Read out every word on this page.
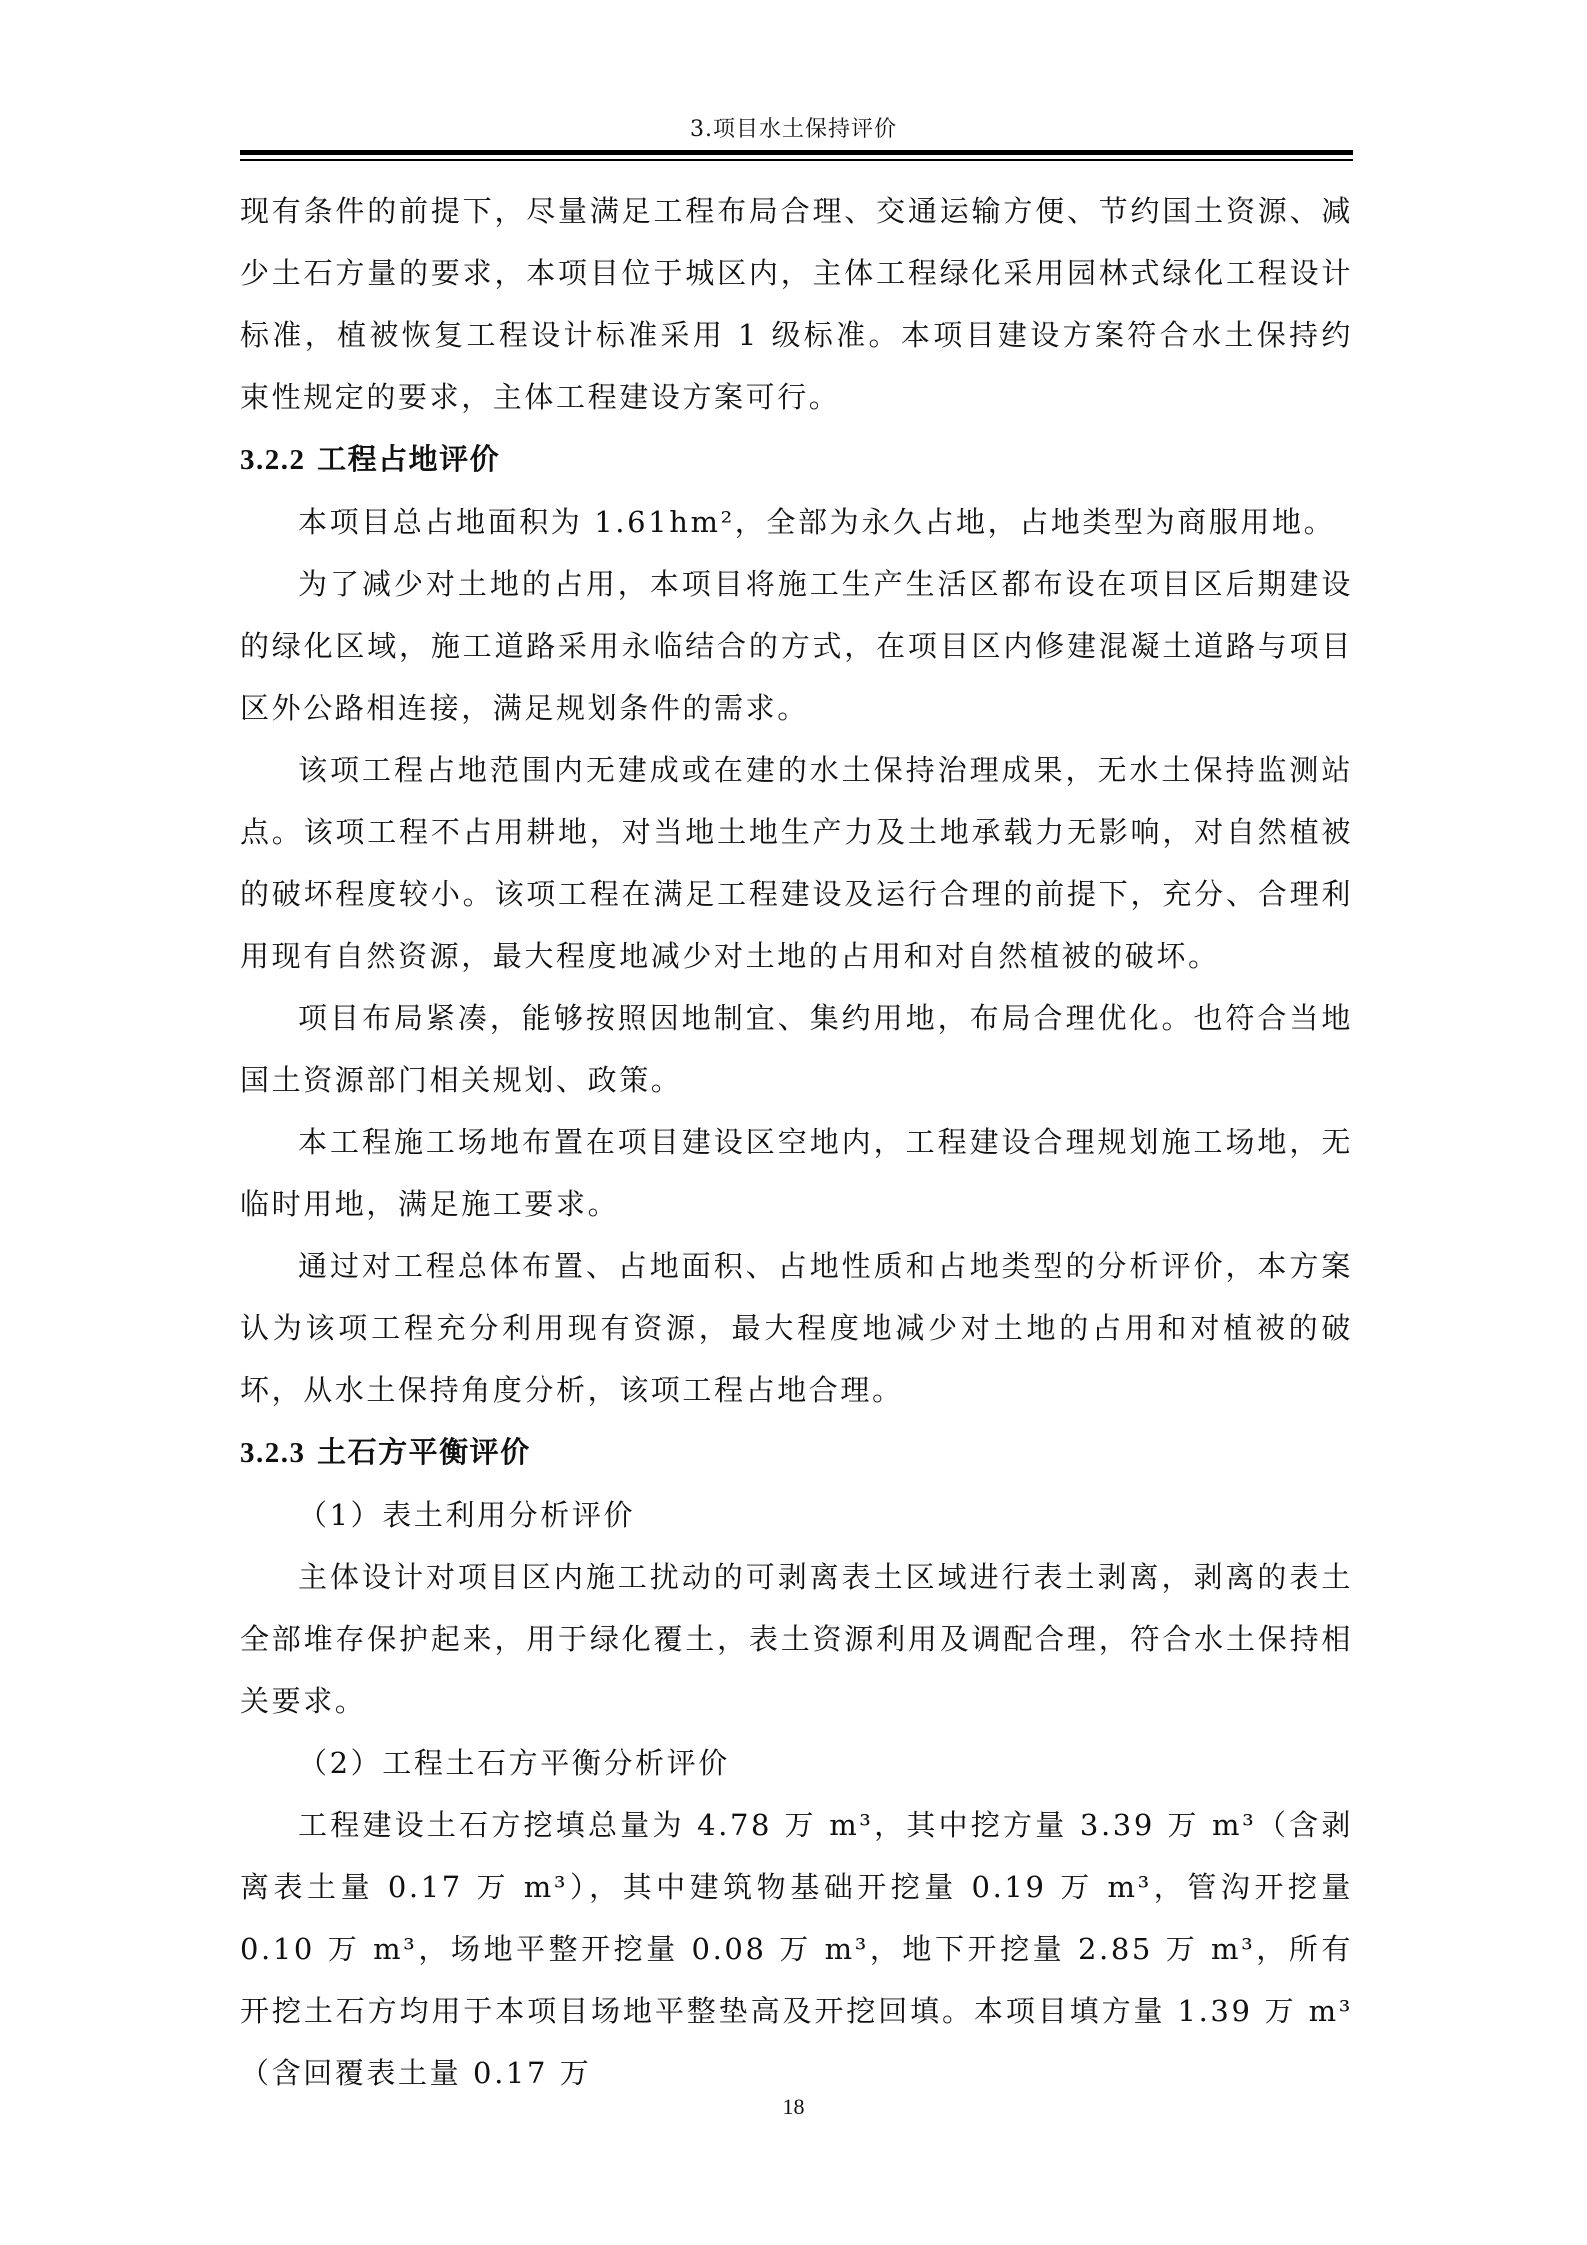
3.项目水土保持评价

现有条件的前提下，尽量满足工程布局合理、交通运输方便、节约国土资源、减少土石方量的要求，本项目位于城区内，主体工程绿化采用园林式绿化工程设计标准，植被恢复工程设计标准采用 1 级标准。本项目建设方案符合水土保持约束性规定的要求，主体工程建设方案可行。

3.2.2 工程占地评价

本项目总占地面积为 1.61hm²，全部为永久占地，占地类型为商服用地。

为了减少对土地的占用，本项目将施工生产生活区都布设在项目区后期建设的绿化区域，施工道路采用永临结合的方式，在项目区内修建混凝土道路与项目区外公路相连接，满足规划条件的需求。

该项工程占地范围内无建成或在建的水土保持治理成果，无水土保持监测站点。该项工程不占用耕地，对当地土地生产力及土地承载力无影响，对自然植被的破坏程度较小。该项工程在满足工程建设及运行合理的前提下，充分、合理利用现有自然资源，最大程度地减少对土地的占用和对自然植被的破坏。

项目布局紧凑，能够按照因地制宜、集约用地，布局合理优化。也符合当地国土资源部门相关规划、政策。

本工程施工场地布置在项目建设区空地内，工程建设合理规划施工场地，无临时用地，满足施工要求。

通过对工程总体布置、占地面积、占地性质和占地类型的分析评价，本方案认为该项工程充分利用现有资源，最大程度地减少对土地的占用和对植被的破坏，从水土保持角度分析，该项工程占地合理。

3.2.3 土石方平衡评价

（1）表土利用分析评价

主体设计对项目区内施工扰动的可剥离表土区域进行表土剥离，剥离的表土全部堆存保护起来，用于绿化覆土，表土资源利用及调配合理，符合水土保持相关要求。

（2）工程土石方平衡分析评价

工程建设土石方挖填总量为 4.78 万 m³，其中挖方量 3.39 万 m³（含剥离表土量 0.17 万 m³），其中建筑物基础开挖量 0.19 万 m³，管沟开挖量 0.10 万 m³，场地平整开挖量 0.08 万 m³，地下开挖量 2.85 万 m³，所有开挖土石方均用于本项目场地平整垫高及开挖回填。本项目填方量 1.39 万 m³（含回覆表土量 0.17 万

18
